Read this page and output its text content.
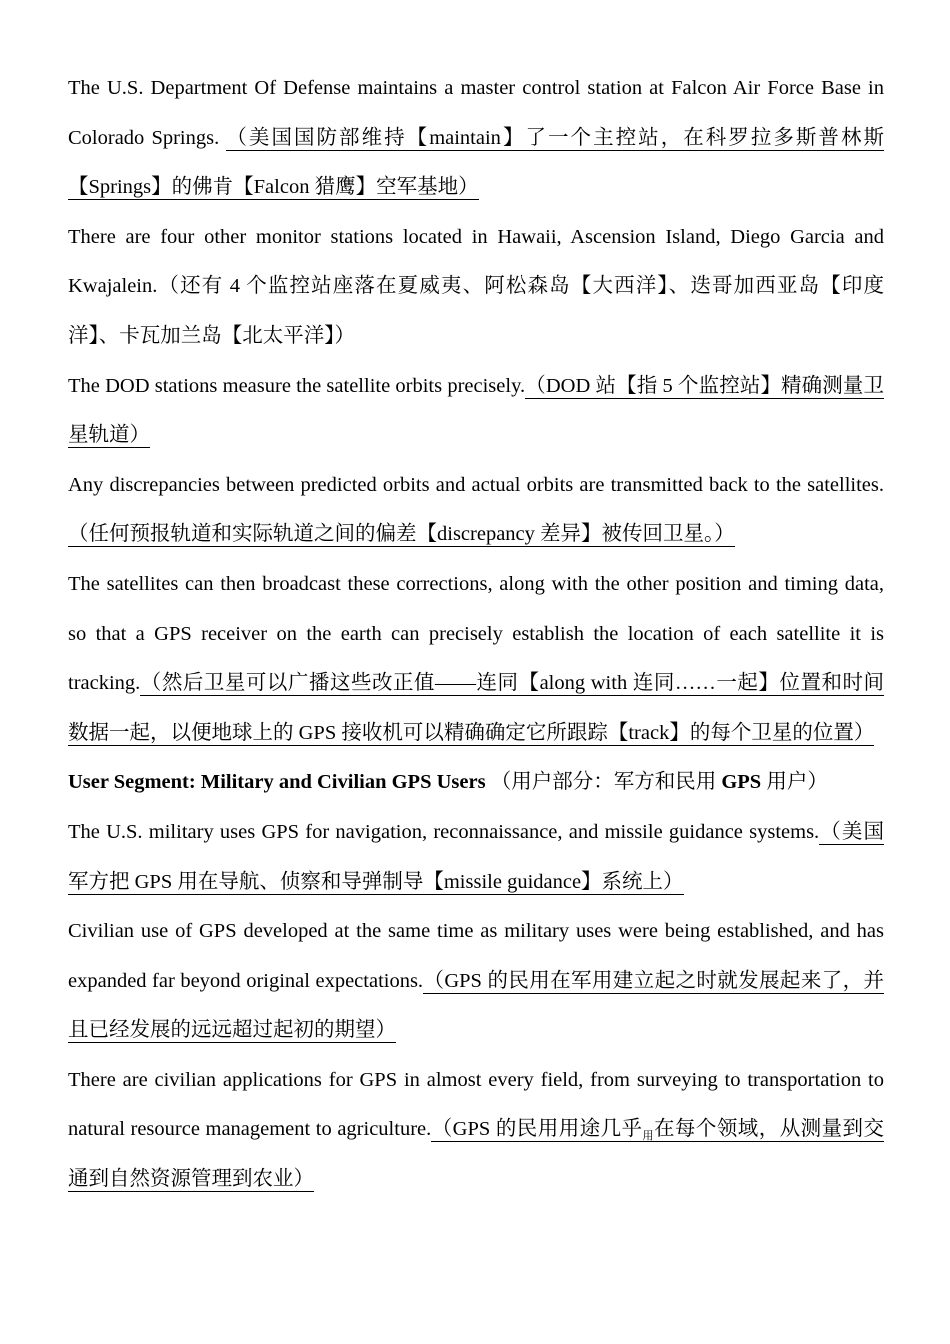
The U.S. Department Of Defense maintains a master control station at Falcon Air Force Base in Colorado Springs. （美国国防部维持【maintain】了一个主控站，在科罗拉多斯普林斯【Springs】的佛肯【Falcon 猎鹰】空军基地）

There are four other monitor stations located in Hawaii, Ascension Island, Diego Garcia and Kwajalein.（还有 4 个监控站座落在夏威夷、阿松森岛【大西洋】、迭哥加西亚岛【印度洋】、卡瓦加兰岛【北太平洋】）

The DOD stations measure the satellite orbits precisely.（DOD 站【指 5 个监控站】精确测量卫星轨道）

Any discrepancies between predicted orbits and actual orbits are transmitted back to the satellites.（任何预报轨道和实际轨道之间的偏差【discrepancy 差异】被传回卫星。）

The satellites can then broadcast these corrections, along with the other position and timing data, so that a GPS receiver on the earth can precisely establish the location of each satellite it is tracking.（然后卫星可以广播这些改正值——连同【along with 连同……一起】位置和时间数据一起，以便地球上的 GPS 接收机可以精确确定它所跟踪【track】的每个卫星的位置）

User Segment: Military and Civilian GPS Users （用户部分：军方和民用 GPS 用户）

The U.S. military uses GPS for navigation, reconnaissance, and missile guidance systems.（美国军方把 GPS 用在导航、侦察和导弹制导【missile guidance】系统上）

Civilian use of GPS developed at the same time as military uses were being established, and has expanded far beyond original expectations.（GPS 的民用在军用建立起之时就发展起来了，并且已经发展的远远超过起初的期望）

There are civilian applications for GPS in almost every field, from surveying to transportation to natural resource management to agriculture.（GPS 的民用用途几乎$_用$在每个领域，从测量到交通到自然资源管理到农业）
